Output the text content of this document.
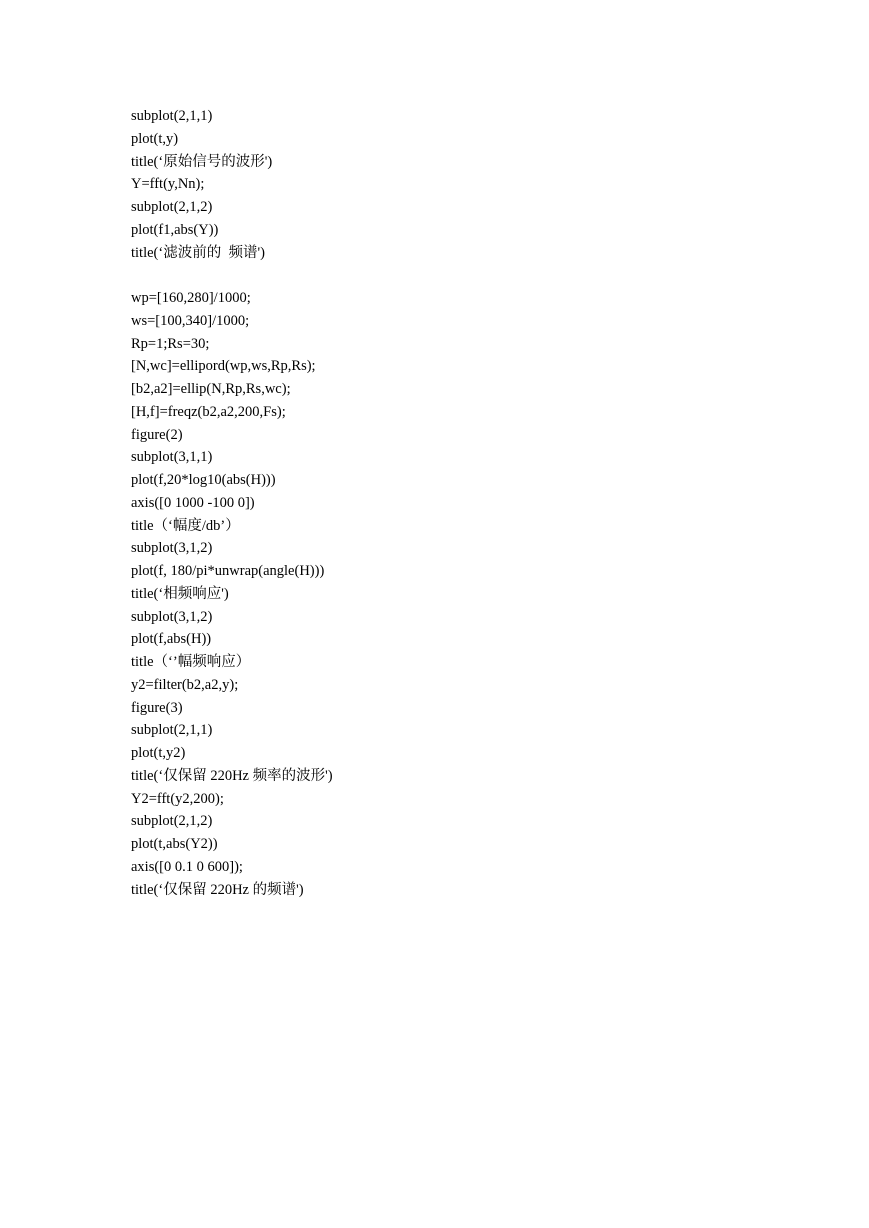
subplot(2,1,1)
plot(t,y)
title(‘原始信号的波形')
Y=fft(y,Nn);
subplot(2,1,2)
plot(f1,abs(Y))
title(‘滤波前的  频谱')
wp=[160,280]/1000;
ws=[100,340]/1000;
Rp=1;Rs=30;
[N,wc]=ellipord(wp,ws,Rp,Rs);
[b2,a2]=ellip(N,Rp,Rs,wc);
[H,f]=freqz(b2,a2,200,Fs);
figure(2)
subplot(3,1,1)
plot(f,20*log10(abs(H)))
axis([0 1000 -100 0])
title（‘幅度/db’）
subplot(3,1,2)
plot(f, 180/pi*unwrap(angle(H)))
title(‘相频响应')
subplot(3,1,2)
plot(f,abs(H))
title（‘’幅频响应）
y2=filter(b2,a2,y);
figure(3)
subplot(2,1,1)
plot(t,y2)
title(‘仅保留 220Hz 频率的波形')
Y2=fft(y2,200);
subplot(2,1,2)
plot(t,abs(Y2))
axis([0 0.1 0 600]);
title(‘仅保留 220Hz 的频谱')
